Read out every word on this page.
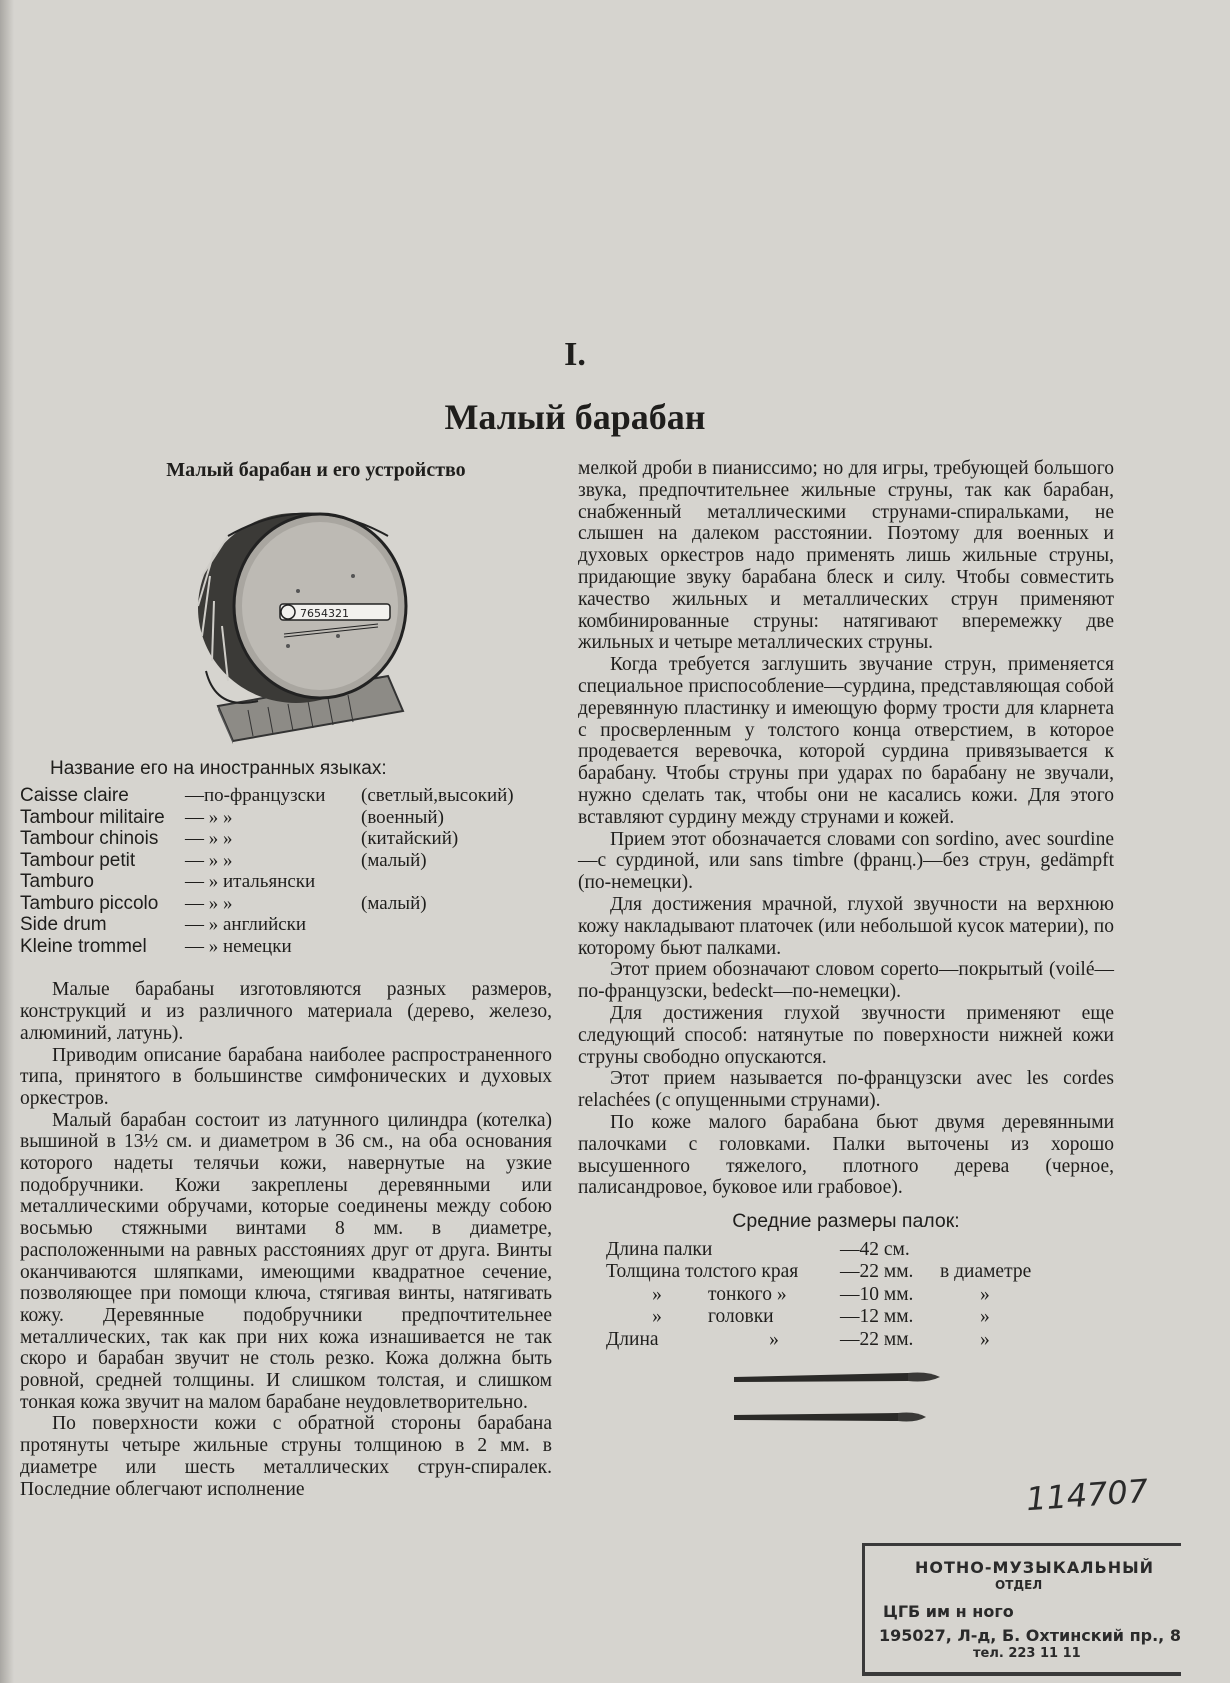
I.
Малый барабан
Малый барабан и его устройство
7654321
Название его на иностранных языках:
Caisse claire	—по-французски	(светлый,высокий)
Tambour militaire	— » »	(военный)
Tambour chinois	— » »	(китайский)
Tambour petit	— » »	(малый)
Tamburo	— » итальянски
Tamburo piccolo	— » »	(малый)
Side drum	— » английски
Kleine trommel	— » немецки

Малые барабаны изготовляются разных размеров, конструкций и из различного материала (дерево, железо, алюминий, латунь).

Приводим описание барабана наиболее распространенного типа, принятого в большинстве симфонических и духовых оркестров.

Малый барабан состоит из латунного цилиндра (котелка) вышиной в 13½ см. и диаметром в 36 см., на оба основания которого надеты телячьи кожи, навернутые на узкие подобручники. Кожи закреплены деревянными или металлическими обручами, которые соединены между собою восьмью стяжными винтами 8 мм. в диаметре, расположенными на равных расстояниях друг от друга. Винты оканчиваются шляпками, имеющими квадратное сечение, позволяющее при помощи ключа, стягивая винты, натягивать кожу. Деревянные подобручники предпочтительнее металлических, так как при них кожа изнашивается не так скоро и барабан звучит не столь резко. Кожа должна быть ровной, средней толщины. И слишком толстая, и слишком тонкая кожа звучит на малом барабане неудовлетворительно.

По поверхности кожи с обратной стороны барабана протянуты четыре жильные струны толщиною в 2 мм. в диаметре или шесть металлических струн-спиралек. Последние облегчают исполнение

мелкой дроби в пианиссимо; но для игры, требующей большого звука, предпочтительнее жильные струны, так как барабан, снабженный металлическими струнами-спиральками, не слышен на далеком расстоянии. Поэтому для военных и духовых оркестров надо применять лишь жильные струны, придающие звуку барабана блеск и силу. Чтобы совместить качество жильных и металлических струн применяют комбинированные струны: натягивают вперемежку две жильных и четыре металлических струны.

Когда требуется заглушить звучание струн, применяется специальное приспособление—сурдина, представляющая собой деревянную пластинку и имеющую форму трости для кларнета с просверленным у толстого конца отверстием, в которое продевается веревочка, которой сурдина привязывается к барабану. Чтобы струны при ударах по барабану не звучали, нужно сделать так, чтобы они не касались кожи. Для этого вставляют сурдину между струнами и кожей.

Прием этот обозначается словами con sordino, avec sourdine—с сурдиной, или sans timbre (франц.)—без струн, gedämpft (по-немецки).

Для достижения мрачной, глухой звучности на верхнюю кожу накладывают платочек (или небольшой кусок материи), по которому бьют палками.

Этот прием обозначают словом coperto—покрытый (voilé—по-французски, bedeckt—по-немецки).

Для достижения глухой звучности применяют еще следующий способ: натянутые по поверхности нижней кожи струны свободно опускаются.

Этот прием называется по-французски avec les cordes relachées (с опущенными струнами).

По коже малого барабана бьют двумя деревянными палочками с головками. Палки выточены из хорошо высушенного тяжелого, плотного дерева (черное, палисандровое, буковое или грабовое).

Средние размеры палок:
Длина палки	—42 см.
Толщина толстого края	—22 мм.	в диаметре
»	тонкого »	—10 мм.	»
»	головки	—12 мм.	»
Длина	»	—22 мм.	»
114707
НОТНО-МУЗЫКАЛЬНЫЙ
ОТДЕЛ
ЦГБ им н ного
195027, Л-д, Б. Охтинский пр., 8
тел. 223 11 11
